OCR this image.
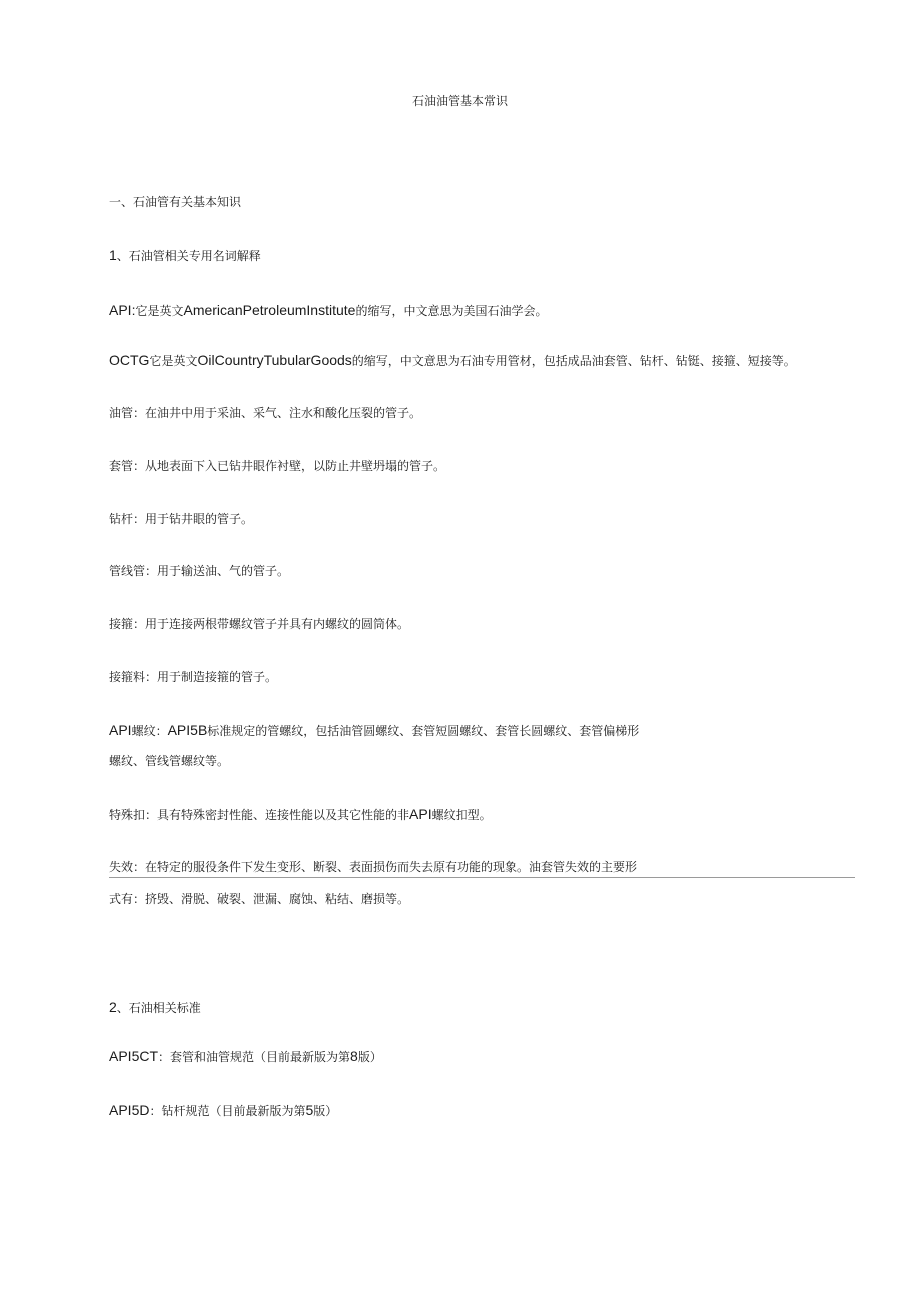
石油油管基本常识
一、石油管有关基本知识
1、石油管相关专用名词解释
API:它是英文AmericanPetroleumInstitute的缩写，中文意思为美国石油学会。
OCTG它是英文OilCountryTubularGoods的缩写，中文意思为石油专用管材，包括成品油套管、钻杆、钻铤、接箍、短接等。
油管：在油井中用于采油、采气、注水和酸化压裂的管子。
套管：从地表面下入已钻井眼作衬壁，以防止井壁坍塌的管子。
钻杆：用于钻井眼的管子。
管线管：用于输送油、气的管子。
接箍：用于连接两根带螺纹管子并具有内螺纹的圆筒体。
接箍料：用于制造接箍的管子。
API螺纹：API5B标准规定的管螺纹，包括油管圆螺纹、套管短圆螺纹、套管长圆螺纹、套管偏梯形
螺纹、管线管螺纹等。
特殊扣：具有特殊密封性能、连接性能以及其它性能的非API螺纹扣型。
失效：在特定的服役条件下发生变形、断裂、表面损伤而失去原有功能的现象。油套管失效的主要形
式有：挤毁、滑脱、破裂、泄漏、腐蚀、粘结、磨损等。
2、石油相关标准
API5CT：套管和油管规范（目前最新版为第8版）
API5D：钻杆规范（目前最新版为第5版）
